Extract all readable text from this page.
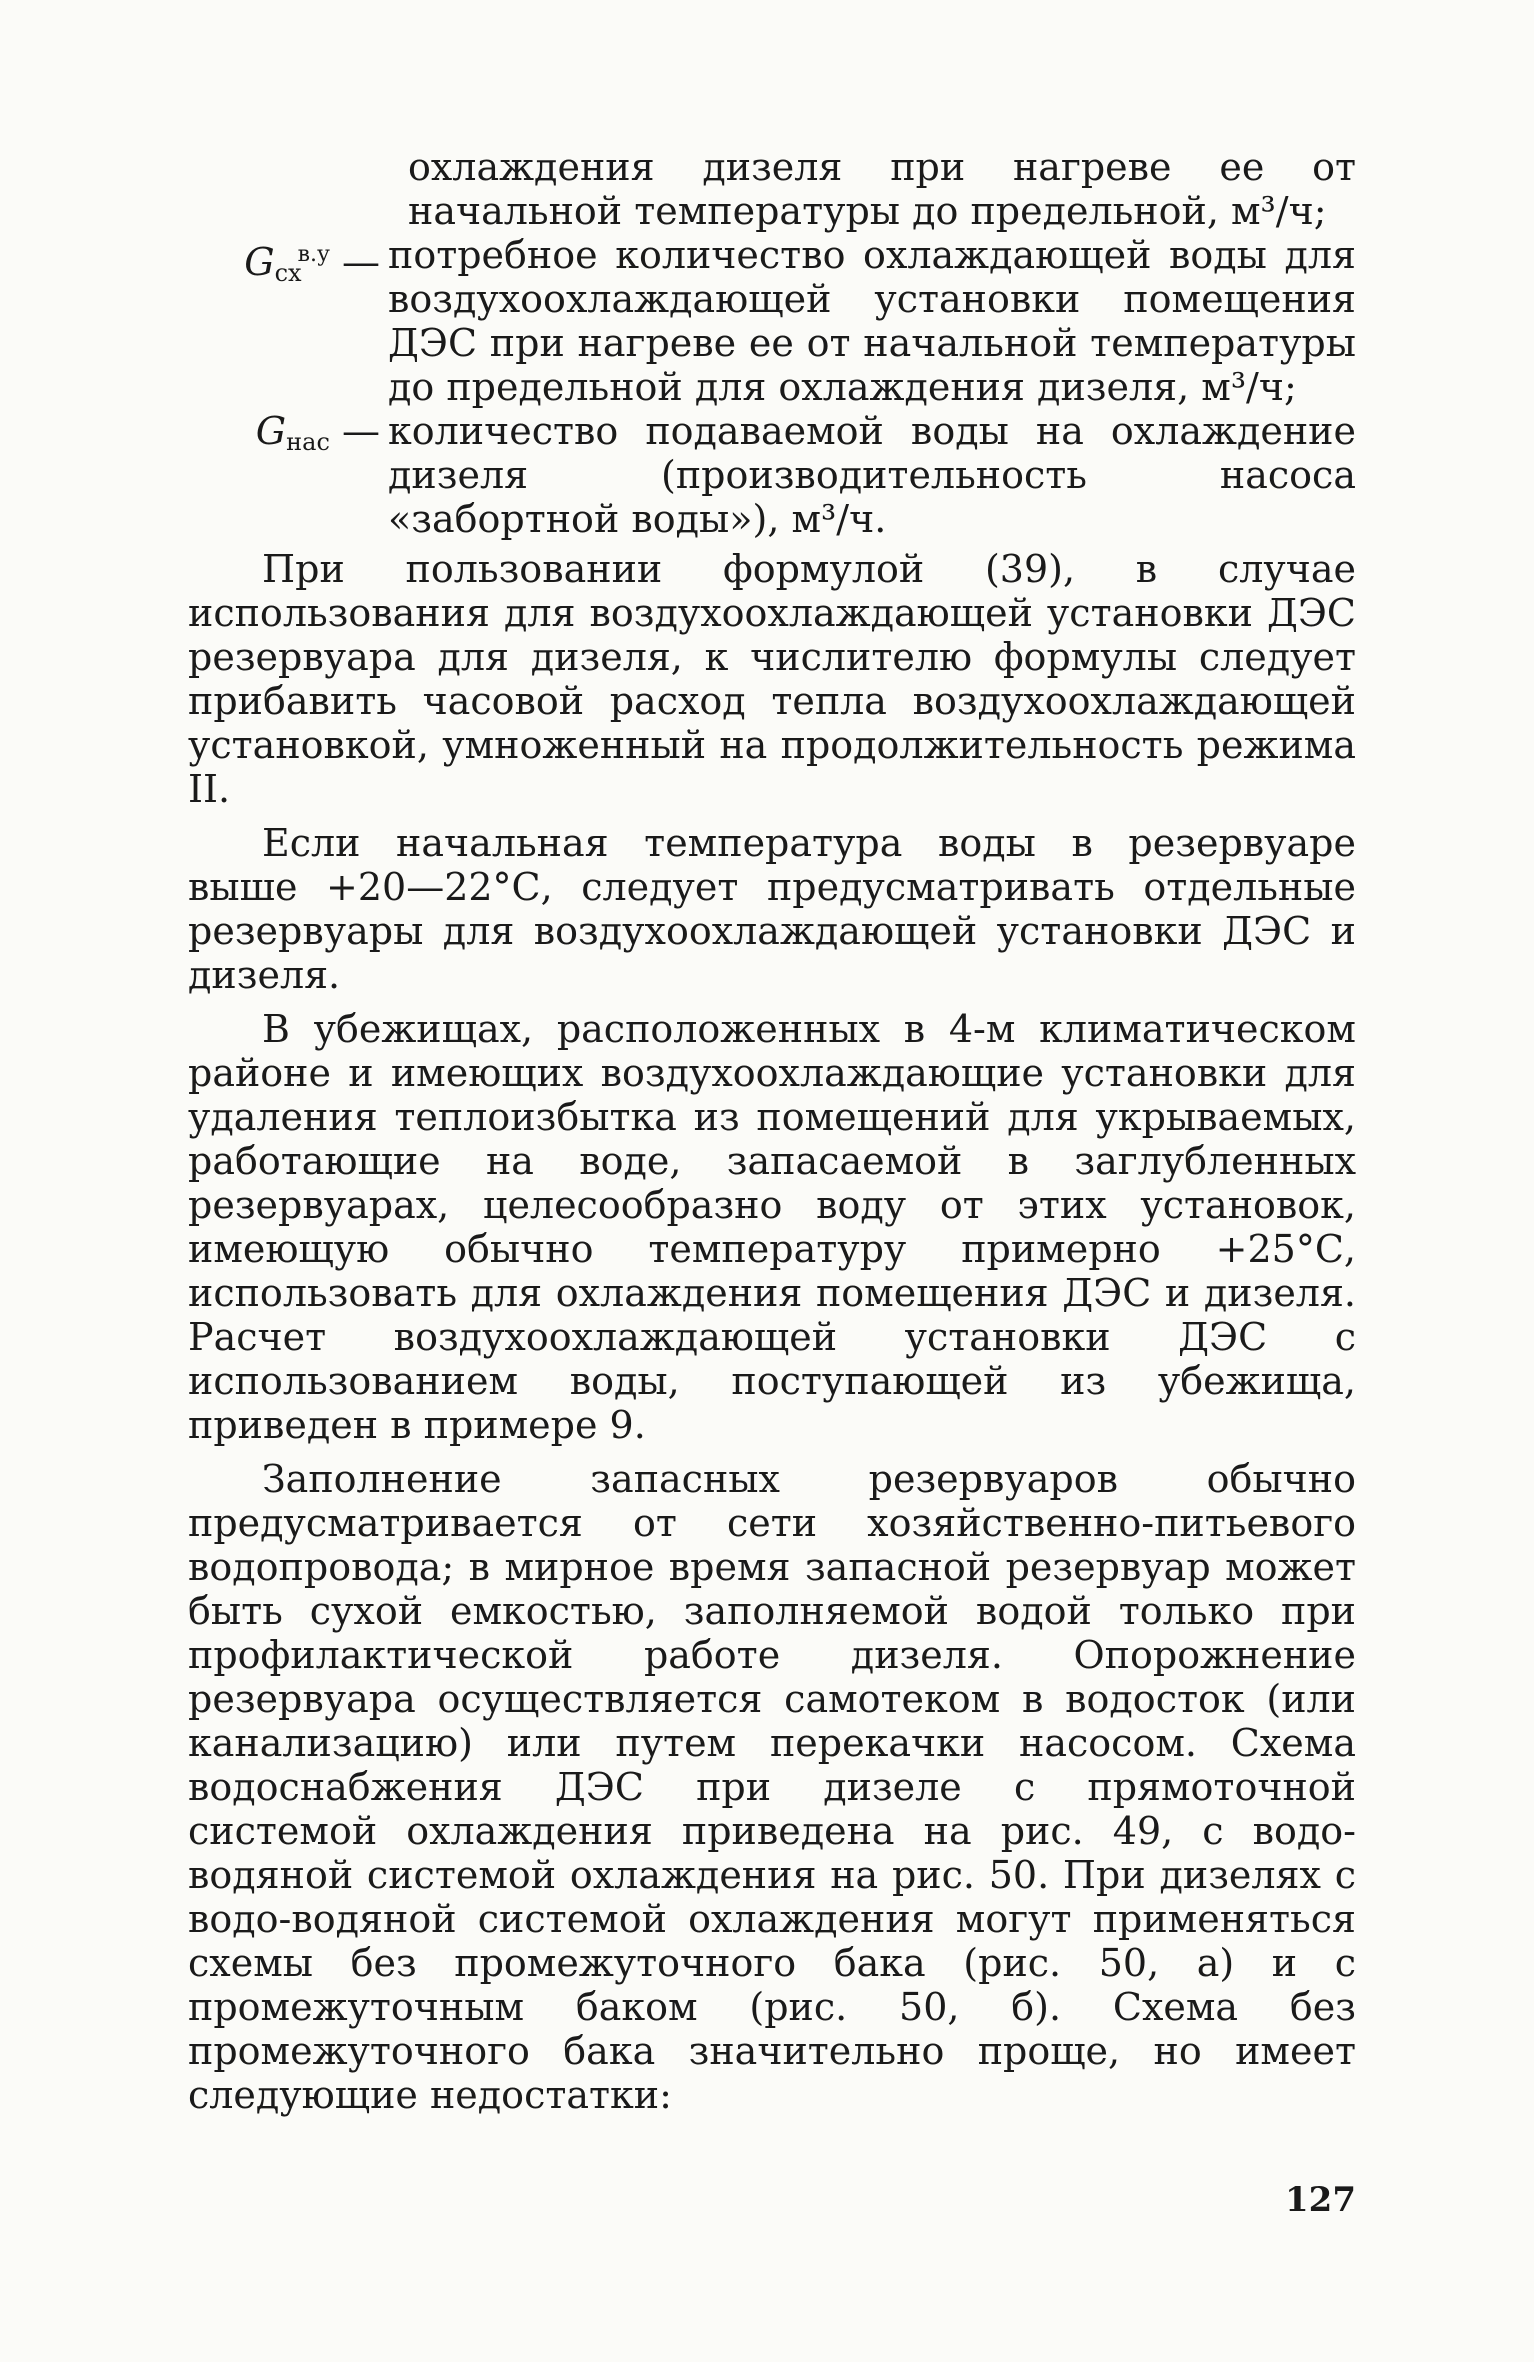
охлаждения дизеля при нагреве ее от начальной температуры до предельной, м³/ч;
Gcx$^{в.у}$ — потребное количество охлаждающей воды для воздухоохлаждающей установки помещения ДЭС при нагреве ее от начальной температуры до предельной для охлаждения дизеля, м³/ч;
Gнас — количество подаваемой воды на охлаждение дизеля (производительность насоса «забортной воды»), м³/ч.

При пользовании формулой (39), в случае использования для воздухоохлаждающей установки ДЭС резервуара для дизеля, к числителю формулы следует прибавить часовой расход тепла воздухоохлаждающей установкой, умноженный на продолжительность режима II.

Если начальная температура воды в резервуаре выше +20—22°С, следует предусматривать отдельные резервуары для воздухоохлаждающей установки ДЭС и дизеля.

В убежищах, расположенных в 4-м климатическом районе и имеющих воздухоохлаждающие установки для удаления теплоизбытка из помещений для укрываемых, работающие на воде, запасаемой в заглубленных резервуарах, целесообразно воду от этих установок, имеющую обычно температуру примерно +25°С, использовать для охлаждения помещения ДЭС и дизеля. Расчет воздухоохлаждающей установки ДЭС с использованием воды, поступающей из убежища, приведен в примере 9.

Заполнение запасных резервуаров обычно предусматривается от сети хозяйственно-питьевого водопровода; в мирное время запасной резервуар может быть сухой емкостью, заполняемой водой только при профилактической работе дизеля. Опорожнение резервуара осуществляется самотеком в водосток (или канализацию) или путем перекачки насосом. Схема водоснабжения ДЭС при дизеле с прямоточной системой охлаждения приведена на рис. 49, с водо-водяной системой охлаждения на рис. 50. При дизелях с водо-водяной системой охлаждения могут применяться схемы без промежуточного бака (рис. 50, а) и с промежуточным баком (рис. 50, б). Схема без промежуточного бака значительно проще, но имеет следующие недостатки:

127
